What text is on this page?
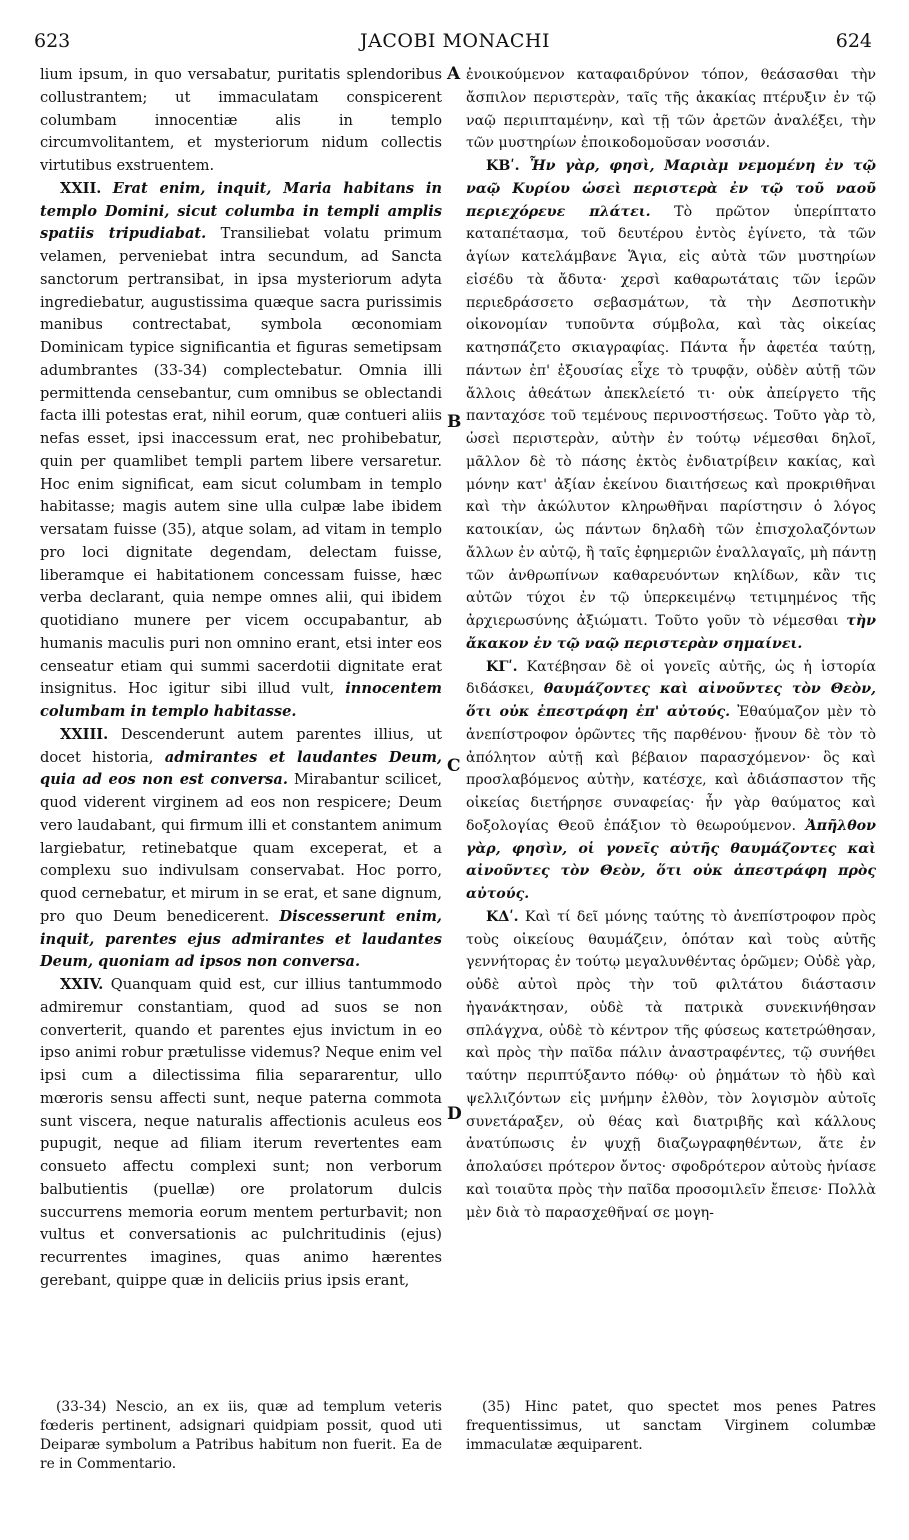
623	JACOBI MONACHI	624
A
B
C
D

lium ipsum, in quo versabatur, puritatis splendoribus collustrantem; ut immaculatam conspicerent columbam innocentiæ alis in templo circumvolitantem, et mysteriorum nidum collectis virtutibus exstruentem.

XXII. Erat enim, inquit, Maria habitans in templo Domini, sicut columba in templi amplis spatiis tripudiabat. Transiliebat volatu primum velamen, perveniebat intra secundum, ad Sancta sanctorum pertransibat, in ipsa mysteriorum adyta ingrediebatur, augustissima quæque sacra purissimis manibus contrectabat, symbola œconomiam Dominicam typice significantia et figuras semetipsam adumbrantes (33-34) complectebatur. Omnia illi permittenda censebantur, cum omnibus se oblectandi facta illi potestas erat, nihil eorum, quæ contueri aliis nefas esset, ipsi inaccessum erat, nec prohibebatur, quin per quamlibet templi partem libere versaretur. Hoc enim significat, eam sicut columbam in templo habitasse; magis autem sine ulla culpæ labe ibidem versatam fuisse (35), atque solam, ad vitam in templo pro loci dignitate degendam, delectam fuisse, liberamque ei habitationem concessam fuisse, hæc verba declarant, quia nempe omnes alii, qui ibidem quotidiano munere per vicem occupabantur, ab humanis maculis puri non omnino erant, etsi inter eos censeatur etiam qui summi sacerdotii dignitate erat insignitus. Hoc igitur sibi illud vult, innocentem columbam in templo habitasse.

XXIII. Descenderunt autem parentes illius, ut docet historia, admirantes et laudantes Deum, quia ad eos non est conversa. Mirabantur scilicet, quod viderent virginem ad eos non respicere; Deum vero laudabant, qui firmum illi et constantem animum largiebatur, retinebatque quam exceperat, et a complexu suo indivulsam conservabat. Hoc porro, quod cernebatur, et mirum in se erat, et sane dignum, pro quo Deum benedicerent. Discesserunt enim, inquit, parentes ejus admirantes et laudantes Deum, quoniam ad ipsos non conversa.

XXIV. Quanquam quid est, cur illius tantummodo admiremur constantiam, quod ad suos se non converterit, quando et parentes ejus invictum in eo ipso animi robur prætulisse videmus? Neque enim vel ipsi cum a dilectissima filia separarentur, ullo mœroris sensu affecti sunt, neque paterna commota sunt viscera, neque naturalis affectionis aculeus eos pupugit, neque ad filiam iterum revertentes eam consueto affectu complexi sunt; non verborum balbutientis (puellæ) ore prolatorum dulcis succurrens memoria eorum mentem perturbavit; non vultus et conversationis ac pulchritudinis (ejus) recurrentes imagines, quas animo hærentes gerebant, quippe quæ in deliciis prius ipsis erant,

ἐνοικούμενον καταφαιδρύνον τόπον, θεάσασθαι τὴν ἄσπιλον περιστερὰν, ταῖς τῆς ἀκακίας πτέρυξιν ἐν τῷ ναῷ περιιπταμένην, καὶ τῇ τῶν ἀρετῶν ἀναλέξει, τὴν τῶν μυστηρίων ἐποικοδομοῦσαν νοσσιάν.

ΚΒʹ. Ἦν γὰρ, φησὶ, Μαριὰμ νεμομένη ἐν τῷ ναῷ Κυρίου ὡσεὶ περιστερὰ ἐν τῷ τοῦ ναοῦ περιεχόρευε πλάτει. Τὸ πρῶτον ὑπερίπτατο καταπέτασμα, τοῦ δευτέρου ἐντὸς ἐγίνετο, τὰ τῶν ἁγίων κατελάμβανε Ἅγια, εἰς αὐτὰ τῶν μυστηρίων εἰσέδυ τὰ ἄδυτα· χερσὶ καθαρωτάταις τῶν ἱερῶν περιεδράσσετο σεβασμάτων, τὰ τὴν Δεσποτικὴν οἰκονομίαν τυποῦντα σύμβολα, καὶ τὰς οἰκείας κατησπάζετο σκιαγραφίας. Πάντα ἦν ἀφετέα ταύτῃ, πάντων ἐπ' ἐξουσίας εἶχε τὸ τρυφᾷν, οὐδὲν αὐτῇ τῶν ἄλλοις ἀθεάτων ἀπεκλείετό τι· οὐκ ἀπείργετο τῆς πανταχόσε τοῦ τεμένους περινοστήσεως. Τοῦτο γὰρ τὸ, ὡσεὶ περιστερὰν, αὐτὴν ἐν τούτῳ νέμεσθαι δηλοῖ, μᾶλλον δὲ τὸ πάσης ἐκτὸς ἐνδιατρίβειν κακίας, καὶ μόνην κατ' ἀξίαν ἐκείνου διαιτήσεως καὶ προκριθῆναι καὶ τὴν ἀκώλυτον κληρωθῆναι παρίστησιν ὁ λόγος κατοικίαν, ὡς πάντων δηλαδὴ τῶν ἐπισχολαζόντων ἄλλων ἐν αὐτῷ, ἢ ταῖς ἐφημεριῶν ἐναλλαγαῖς, μὴ πάντῃ τῶν ἀνθρωπίνων καθαρευόντων κηλίδων, κἂν τις αὐτῶν τύχοι ἐν τῷ ὑπερκειμένῳ τετιμημένος τῆς ἀρχιερωσύνης ἀξιώματι. Τοῦτο γοῦν τὸ νέμεσθαι τὴν ἄκακον ἐν τῷ ναῷ περιστερὰν σημαίνει.

ΚΓʹ. Κατέβησαν δὲ οἱ γονεῖς αὐτῆς, ὡς ἡ ἱστορία διδάσκει, θαυμάζοντες καὶ αἰνοῦντες τὸν Θεὸν, ὅτι οὐκ ἐπεστράφη ἐπ' αὐτούς. Ἐθαύμαζον μὲν τὸ ἀνεπίστροφον ὁρῶντες τῆς παρθένου· ᾔνουν δὲ τὸν τὸ ἀπόλητον αὐτῇ καὶ βέβαιον παρασχόμενον· ὃς καὶ προσλαβόμενος αὐτὴν, κατέσχε, καὶ ἀδιάσπαστον τῆς οἰκείας διετήρησε συναφείας· ἦν γὰρ θαύματος καὶ δοξολογίας Θεοῦ ἐπάξιον τὸ θεωρούμενον. Ἀπῆλθον γὰρ, φησὶν, οἱ γονεῖς αὐτῆς θαυμάζοντες καὶ αἰνοῦντες τὸν Θεὸν, ὅτι οὐκ ἀπεστράφη πρὸς αὐτούς.

ΚΔʹ. Καὶ τί δεῖ μόνης ταύτης τὸ ἀνεπίστροφον πρὸς τοὺς οἰκείους θαυμάζειν, ὁπόταν καὶ τοὺς αὐτῆς γεννήτορας ἐν τούτῳ μεγαλυνθέντας ὁρῶμεν; Οὐδὲ γὰρ, οὐδὲ αὐτοὶ πρὸς τὴν τοῦ φιλτάτου διάστασιν ἠγανάκτησαν, οὐδὲ τὰ πατρικὰ συνεκινήθησαν σπλάγχνα, οὐδὲ τὸ κέντρον τῆς φύσεως κατετρώθησαν, καὶ πρὸς τὴν παῖδα πάλιν ἀναστραφέντες, τῷ συνήθει ταύτην περιπτύξαντο πόθῳ· οὐ ῥημάτων τὸ ἡδὺ καὶ ψελλιζόντων εἰς μνήμην ἐλθὸν, τὸν λογισμὸν αὐτοῖς συνετάραξεν, οὐ θέας καὶ διατριβῆς καὶ κάλλους ἀνατύπωσις ἐν ψυχῇ διαζωγραφηθέντων, ἅτε ἐν ἀπολαύσει πρότερον ὄντος· σφοδρότερον αὐτοὺς ἠνίασε καὶ τοιαῦτα πρὸς τὴν παῖδα προσομιλεῖν ἔπεισε· Πολλὰ μὲν διὰ τὸ παρασχεθῆναί σε μογη-

(33-34) Nescio, an ex iis, quæ ad templum veteris fœderis pertinent, adsignari quidpiam possit, quod uti Deiparæ symbolum a Patribus habitum non fuerit. Ea de re in Commentario.

(35) Hinc patet, quo spectet mos penes Patres frequentissimus, ut sanctam Virginem columbæ immaculatæ æquiparent.
